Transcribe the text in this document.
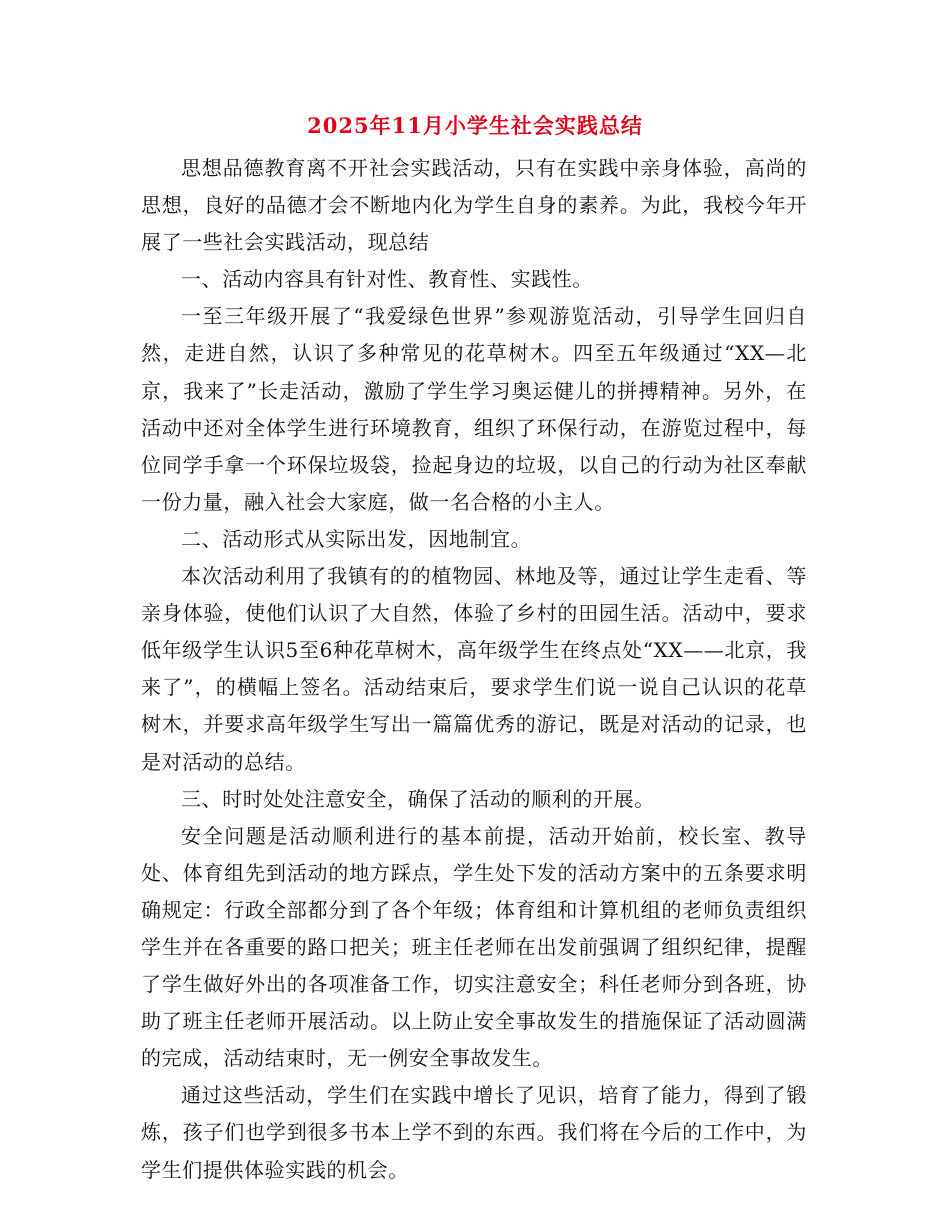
2025年11月小学生社会实践总结

思想品德教育离不开社会实践活动，只有在实践中亲身体验，高尚的思想，良好的品德才会不断地内化为学生自身的素养。为此，我校今年开展了一些社会实践活动，现总结

一、活动内容具有针对性、教育性、实践性。

一至三年级开展了“我爱绿色世界”参观游览活动，引导学生回归自然，走进自然，认识了多种常见的花草树木。四至五年级通过“XX—北京，我来了”长走活动，激励了学生学习奥运健儿的拼搏精神。另外，在活动中还对全体学生进行环境教育，组织了环保行动，在游览过程中，每位同学手拿一个环保垃圾袋，捡起身边的垃圾，以自己的行动为社区奉献一份力量，融入社会大家庭，做一名合格的小主人。

二、活动形式从实际出发，因地制宜。

本次活动利用了我镇有的的植物园、林地及等，通过让学生走看、等亲身体验，使他们认识了大自然，体验了乡村的田园生活。活动中，要求低年级学生认识5至6种花草树木，高年级学生在终点处“XX——北京，我来了”，的横幅上签名。活动结束后，要求学生们说一说自己认识的花草树木，并要求高年级学生写出一篇篇优秀的游记，既是对活动的记录，也是对活动的总结。

三、时时处处注意安全，确保了活动的顺利的开展。

安全问题是活动顺利进行的基本前提，活动开始前，校长室、教导处、体育组先到活动的地方踩点，学生处下发的活动方案中的五条要求明确规定：行政全部都分到了各个年级；体育组和计算机组的老师负责组织学生并在各重要的路口把关；班主任老师在出发前强调了组织纪律，提醒了学生做好外出的各项准备工作，切实注意安全；科任老师分到各班，协助了班主任老师开展活动。以上防止安全事故发生的措施保证了活动圆满的完成，活动结束时，无一例安全事故发生。

通过这些活动，学生们在实践中增长了见识，培育了能力，得到了锻炼，孩子们也学到很多书本上学不到的东西。我们将在今后的工作中，为学生们提供体验实践的机会。
